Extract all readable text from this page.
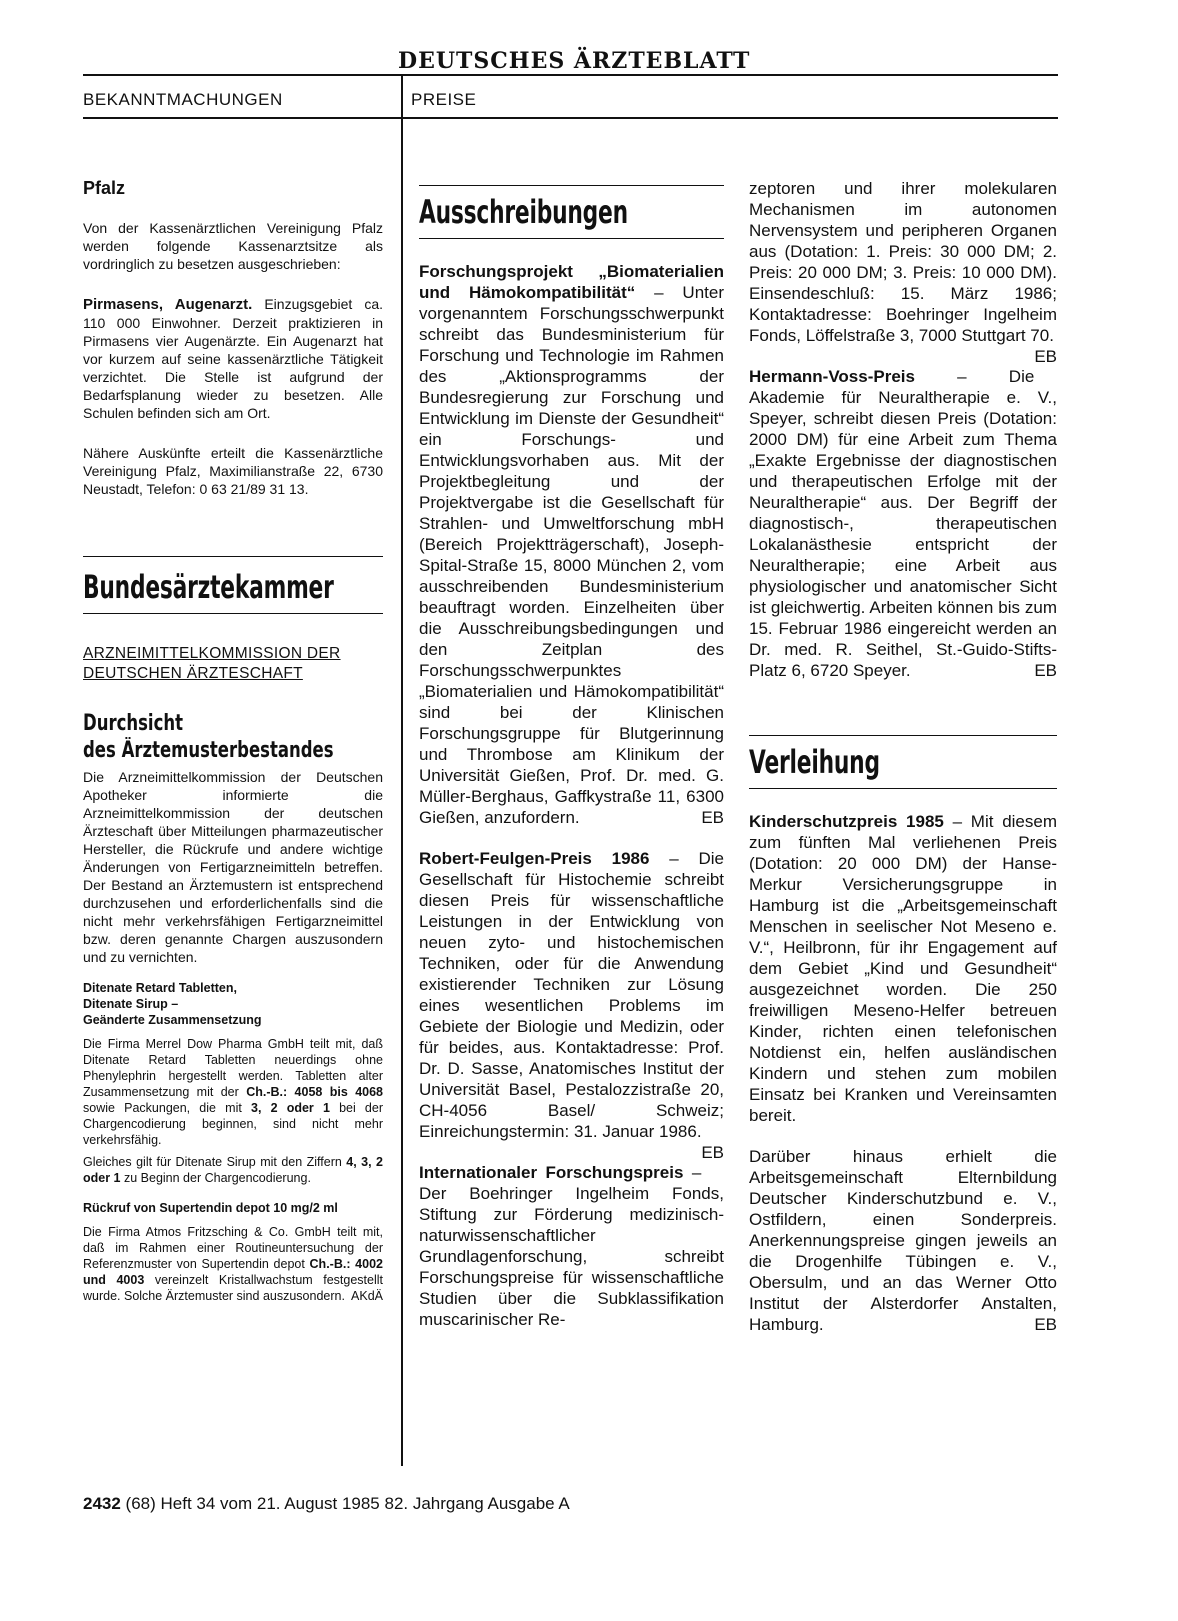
DEUTSCHES ÄRZTEBLATT
BEKANNTMACHUNGEN	PREISE
Pfalz

Von der Kassenärztlichen Vereinigung Pfalz werden folgende Kassenarztsitze als vordringlich zu besetzen ausgeschrieben:

Pirmasens, Augenarzt. Einzugsgebiet ca. 110 000 Einwohner. Derzeit praktizieren in Pirmasens vier Augenärzte. Ein Augenarzt hat vor kurzem auf seine kassenärztliche Tätigkeit verzichtet. Die Stelle ist aufgrund der Bedarfsplanung wieder zu besetzen. Alle Schulen befinden sich am Ort.

Nähere Auskünfte erteilt die Kassenärztliche Vereinigung Pfalz, Maximilianstraße 22, 6730 Neustadt, Telefon: 0 63 21/89 31 13.

Bundesärztekammer
ARZNEIMITTELKOMMISSION DER
DEUTSCHEN ÄRZTESCHAFT
Durchsicht
des Ärztemusterbestandes

Die Arzneimittelkommission der Deutschen Apotheker informierte die Arzneimittelkommission der deutschen Ärzteschaft über Mitteilungen pharmazeutischer Hersteller, die Rückrufe und andere wichtige Änderungen von Fertigarzneimitteln betreffen. Der Bestand an Ärztemustern ist entsprechend durchzusehen und erforderlichenfalls sind die nicht mehr verkehrsfähigen Fertigarzneimittel bzw. deren genannte Chargen auszusondern und zu vernichten.

Ditenate Retard Tabletten,
Ditenate Sirup –
Geänderte Zusammensetzung

Die Firma Merrel Dow Pharma GmbH teilt mit, daß Ditenate Retard Tabletten neuerdings ohne Phenylephrin hergestellt werden. Tabletten alter Zusammensetzung mit der Ch.-B.: 4058 bis 4068 sowie Packungen, die mit 3, 2 oder 1 bei der Chargencodierung beginnen, sind nicht mehr verkehrsfähig.

Gleiches gilt für Ditenate Sirup mit den Ziffern 4, 3, 2 oder 1 zu Beginn der Chargencodierung.

Rückruf von Supertendin depot 10 mg/2 ml

Die Firma Atmos Fritzsching & Co. GmbH teilt mit, daß im Rahmen einer Routineuntersuchung der Referenzmuster von Supertendin depot Ch.-B.: 4002 und 4003 vereinzelt Kristallwachstum festgestellt wurde. Solche Ärztemuster sind auszusondern. AKdÄ

Ausschreibungen

Forschungsprojekt „Biomaterialien und Hämokompatibilität“ – Unter vorgenanntem Forschungsschwerpunkt schreibt das Bundesministerium für Forschung und Technologie im Rahmen des „Aktionsprogramms der Bundesregierung zur Forschung und Entwicklung im Dienste der Gesundheit“ ein Forschungs- und Entwicklungsvorhaben aus. Mit der Projektbegleitung und der Projektvergabe ist die Gesellschaft für Strahlen- und Umweltforschung mbH (Bereich Projektträgerschaft), Joseph-Spital-Straße 15, 8000 München 2, vom ausschreibenden Bundesministerium beauftragt worden. Einzelheiten über die Ausschreibungsbedingungen und den Zeitplan des Forschungsschwerpunktes „Biomaterialien und Hämokompatibilität“ sind bei der Klinischen Forschungsgruppe für Blutgerinnung und Thrombose am Klinikum der Universität Gießen, Prof. Dr. med. G. Müller-Berghaus, Gaffkystraße 11, 6300 Gießen, anzufordern.	EB

Robert-Feulgen-Preis 1986 – Die Gesellschaft für Histochemie schreibt diesen Preis für wissenschaftliche Leistungen in der Entwicklung von neuen zyto- und histochemischen Techniken, oder für die Anwendung existierender Techniken zur Lösung eines wesentlichen Problems im Gebiete der Biologie und Medizin, oder für beides, aus. Kontaktadresse: Prof. Dr. D. Sasse, Anatomisches Institut der Universität Basel, Pestalozzistraße 20, CH-4056 Basel/ Schweiz; Einreichungstermin: 31. Januar 1986.
EB

Internationaler Forschungspreis – Der Boehringer Ingelheim Fonds, Stiftung zur Förderung medizinisch-naturwissenschaftlicher Grundlagenforschung, schreibt Forschungspreise für wissenschaftliche Studien über die Subklassifikation muscarinischer Re-

zeptoren und ihrer molekularen Mechanismen im autonomen Nervensystem und peripheren Organen aus (Dotation: 1. Preis: 30 000 DM; 2. Preis: 20 000 DM; 3. Preis: 10 000 DM). Einsendeschluß: 15. März 1986; Kontaktadresse: Boehringer Ingelheim Fonds, Löffelstraße 3, 7000 Stuttgart 70.
EB

Hermann-Voss-Preis – Die Akademie für Neuraltherapie e. V., Speyer, schreibt diesen Preis (Dotation: 2000 DM) für eine Arbeit zum Thema „Exakte Ergebnisse der diagnostischen und therapeutischen Erfolge mit der Neuraltherapie“ aus. Der Begriff der diagnostisch-, therapeutischen Lokalanästhesie entspricht der Neuraltherapie; eine Arbeit aus physiologischer und anatomischer Sicht ist gleichwertig. Arbeiten können bis zum 15. Februar 1986 eingereicht werden an Dr. med. R. Seithel, St.-Guido-Stifts-Platz 6, 6720 Speyer.	EB

Verleihung

Kinderschutzpreis 1985 – Mit diesem zum fünften Mal verliehenen Preis (Dotation: 20 000 DM) der Hanse-Merkur Versicherungsgruppe in Hamburg ist die „Arbeitsgemeinschaft Menschen in seelischer Not Meseno e. V.“, Heilbronn, für ihr Engagement auf dem Gebiet „Kind und Gesundheit“ ausgezeichnet worden. Die 250 freiwilligen Meseno-Helfer betreuen Kinder, richten einen telefonischen Notdienst ein, helfen ausländischen Kindern und stehen zum mobilen Einsatz bei Kranken und Vereinsamten bereit.

Darüber hinaus erhielt die Arbeitsgemeinschaft Elternbildung Deutscher Kinderschutzbund e. V., Ostfildern, einen Sonderpreis. Anerkennungspreise gingen jeweils an die Drogenhilfe Tübingen e. V., Obersulm, und an das Werner Otto Institut der Alsterdorfer Anstalten, Hamburg.	EB

2432 (68) Heft 34 vom 21. August 1985 82. Jahrgang Ausgabe A
